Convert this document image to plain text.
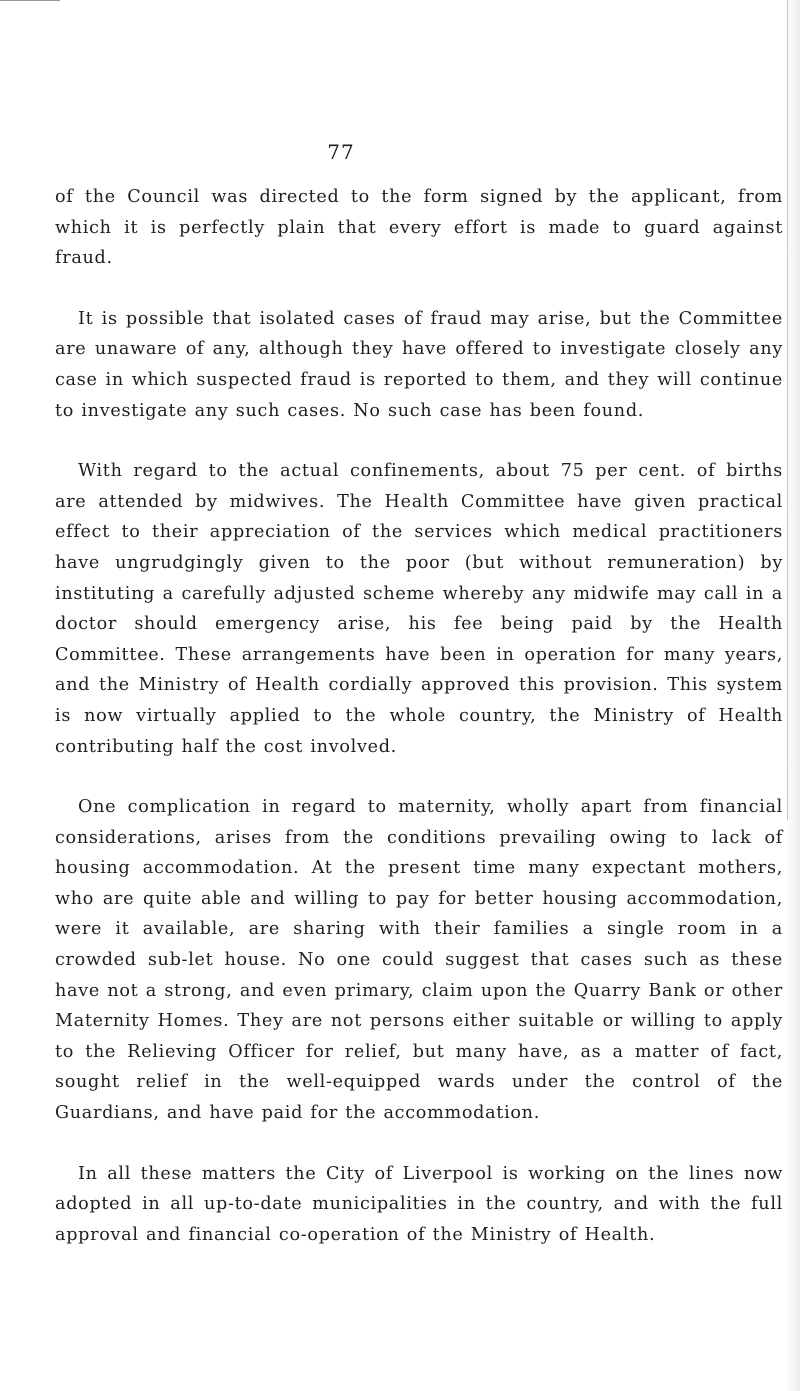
77

of the Council was directed to the form signed by the applicant, from which it is perfectly plain that every effort is made to guard against fraud.

It is possible that isolated cases of fraud may arise, but the Committee are unaware of any, although they have offered to investigate closely any case in which suspected fraud is reported to them, and they will continue to investigate any such cases. No such case has been found.

With regard to the actual confinements, about 75 per cent. of births are attended by midwives. The Health Committee have given practical effect to their appreciation of the services which medical practitioners have ungrudgingly given to the poor (but without remuneration) by instituting a carefully adjusted scheme whereby any midwife may call in a doctor should emergency arise, his fee being paid by the Health Committee. These arrangements have been in operation for many years, and the Ministry of Health cordially approved this provision. This system is now virtually applied to the whole country, the Ministry of Health contributing half the cost involved.

One complication in regard to maternity, wholly apart from financial considerations, arises from the conditions prevailing owing to lack of housing accommodation. At the present time many expectant mothers, who are quite able and willing to pay for better housing accommodation, were it available, are sharing with their families a single room in a crowded sub-let house. No one could suggest that cases such as these have not a strong, and even primary, claim upon the Quarry Bank or other Maternity Homes. They are not persons either suitable or willing to apply to the Relieving Officer for relief, but many have, as a matter of fact, sought relief in the well-equipped wards under the control of the Guardians, and have paid for the accommodation.

In all these matters the City of Liverpool is working on the lines now adopted in all up-to-date municipalities in the country, and with the full approval and financial co-operation of the Ministry of Health.
